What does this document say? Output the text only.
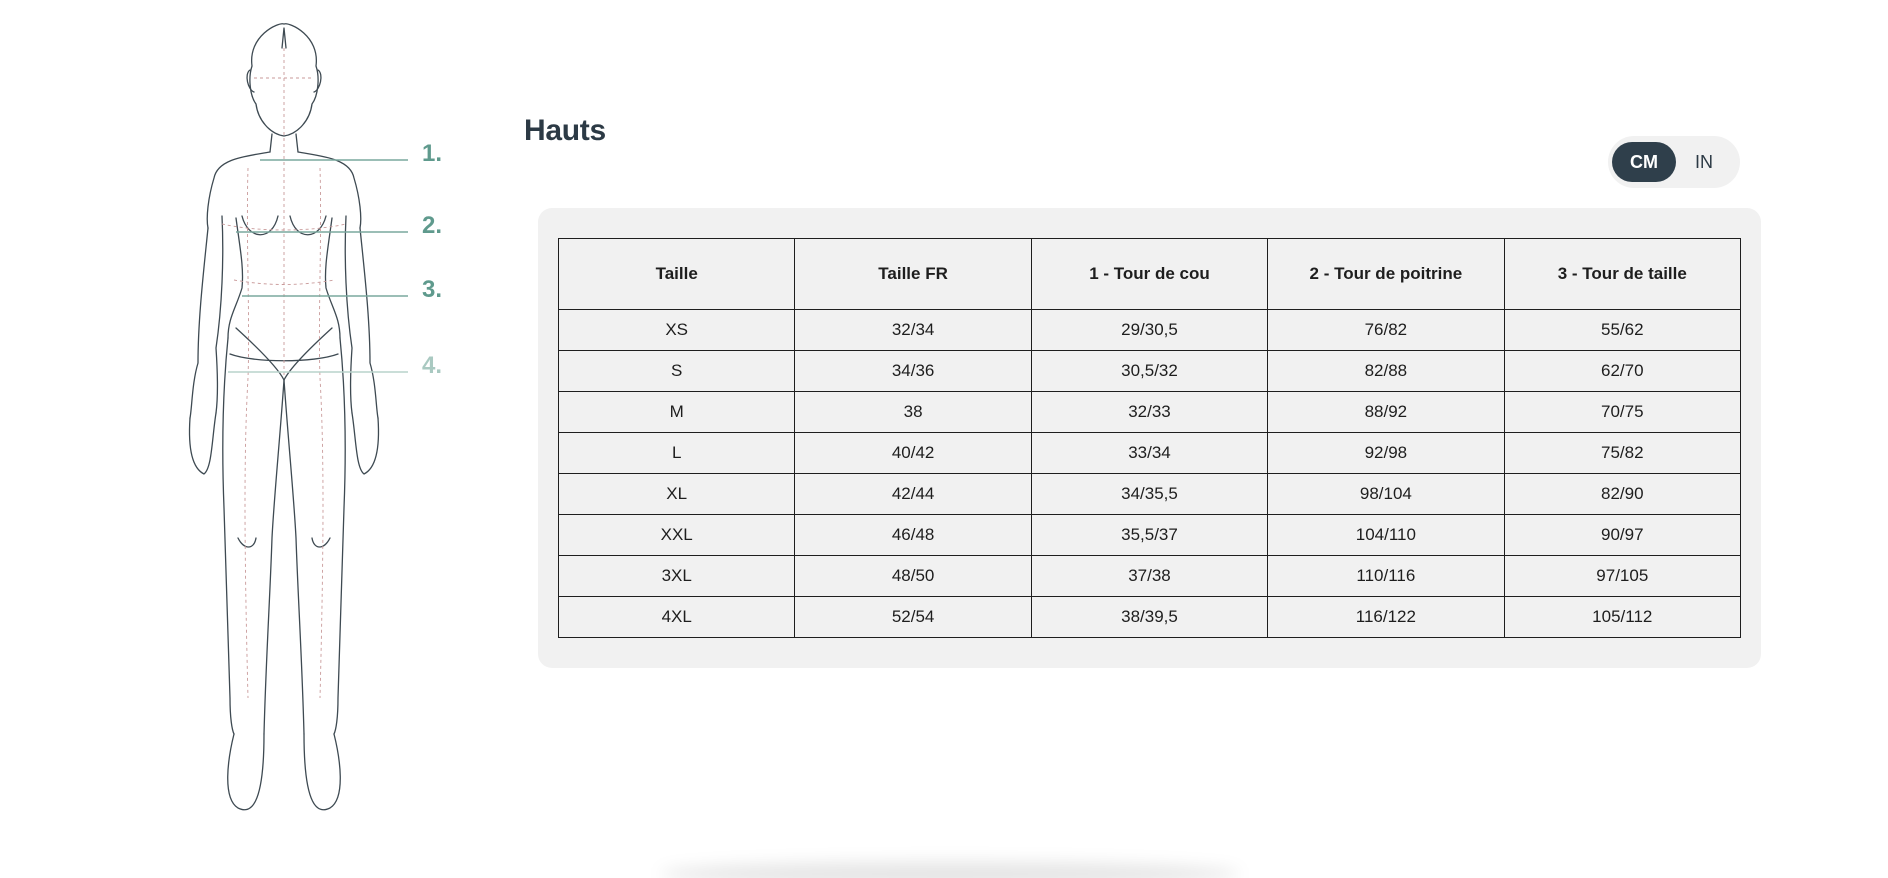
1.
2.
3.
4.
Hauts
CM	IN
Taille	Taille FR	1 - Tour de cou	2 - Tour de poitrine	3 - Tour de taille
XS	32/34	29/30,5	76/82	55/62
S	34/36	30,5/32	82/88	62/70
M	38	32/33	88/92	70/75
L	40/42	33/34	92/98	75/82
XL	42/44	34/35,5	98/104	82/90
XXL	46/48	35,5/37	104/110	90/97
3XL	48/50	37/38	110/116	97/105
4XL	52/54	38/39,5	116/122	105/112
